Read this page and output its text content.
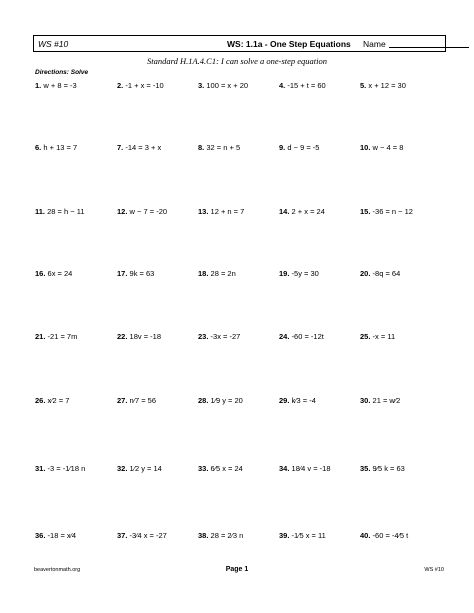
WS #10	WS: 1.1a - One Step Equations Name
Standard H.1A.4.C1: I can solve a one-step equation
Directions: Solve
1. w + 8 = -3	2. -1 + x = -10	3. 100 = x + 20	4. -15 + t = 60	5. x + 12 = 30
6. h + 13 = 7	7. -14 = 3 + x	8. 32 = n + 5	9. d − 9 = -5	10. w − 4 = 8
11. 28 = h − 11	12. w − 7 = -20	13. 12 + n = 7	14. 2 + x = 24	15. -36 = n − 12
16. 6x = 24	17. 9k = 63	18. 28 = 2n	19. -5y = 30	20. -8q = 64
21. -21 = 7m	22. 18v = -18	23. -3x = -27	24. -60 = -12t	25. -x = 11
26. x⁄2 = 7	27. n⁄7 = 56	28. 1⁄9 y = 20	29. k⁄3 = -4	30. 21 = w⁄2
31. -3 = -1⁄18 n	32. 1⁄2 y = 14	33. 6⁄5 x = 24	34. 18⁄4 v = -18	35. 9⁄5 k = 63
36. -18 = x⁄4	37. -3⁄4 x = -27	38. 28 = 2⁄3 n	39. -1⁄5 x = 11	40. -60 = -4⁄5 t
beavertonmath.org	Page 1	WS #10
